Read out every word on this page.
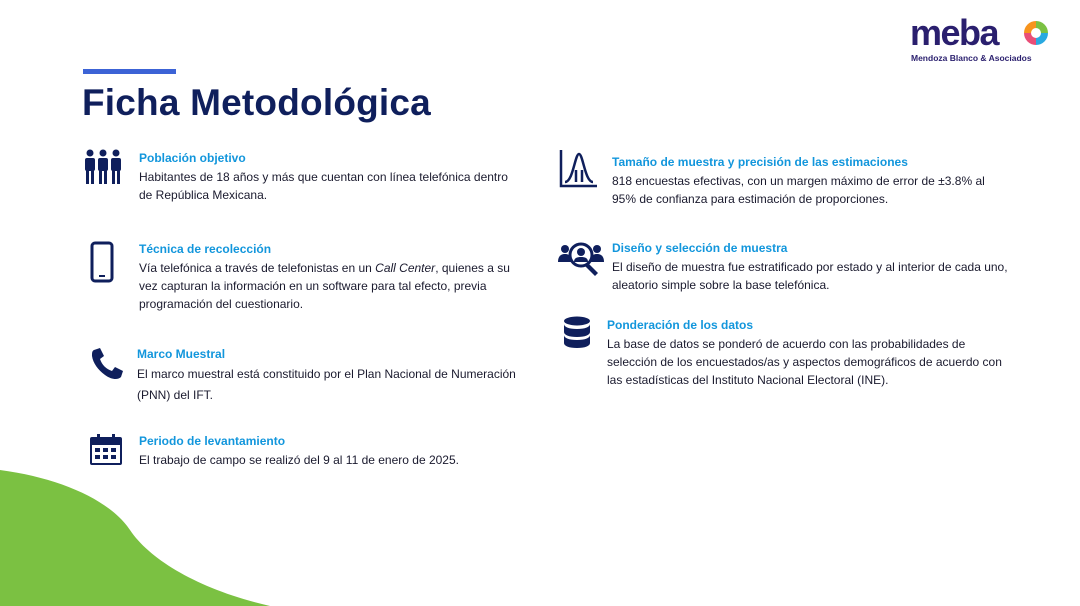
Ficha Metodológica
meba
Mendoza Blanco & Asociados
Población objetivo

Habitantes de 18 años y más que cuentan con línea telefónica dentro de República Mexicana.

Técnica de recolección

Vía telefónica a través de telefonistas en un Call Center, quienes a su vez capturan la información en un software para tal efecto, previa programación del cuestionario.

Marco Muestral

El marco muestral está constituido por el Plan Nacional de Numeración (PNN) del IFT.

Periodo de levantamiento

El trabajo de campo se realizó del 9 al 11 de enero de 2025.

Tamaño de muestra y precisión de las estimaciones

818 encuestas efectivas, con un margen máximo de error de ±3.8% al 95% de confianza para estimación de proporciones.

Diseño y selección de muestra

El diseño de muestra fue estratificado por estado y al interior de cada uno, aleatorio simple sobre la base telefónica.

Ponderación de los datos

La base de datos se ponderó de acuerdo con las probabilidades de selección de los encuestados/as y aspectos demográficos de acuerdo con las estadísticas del Instituto Nacional Electoral (INE).
